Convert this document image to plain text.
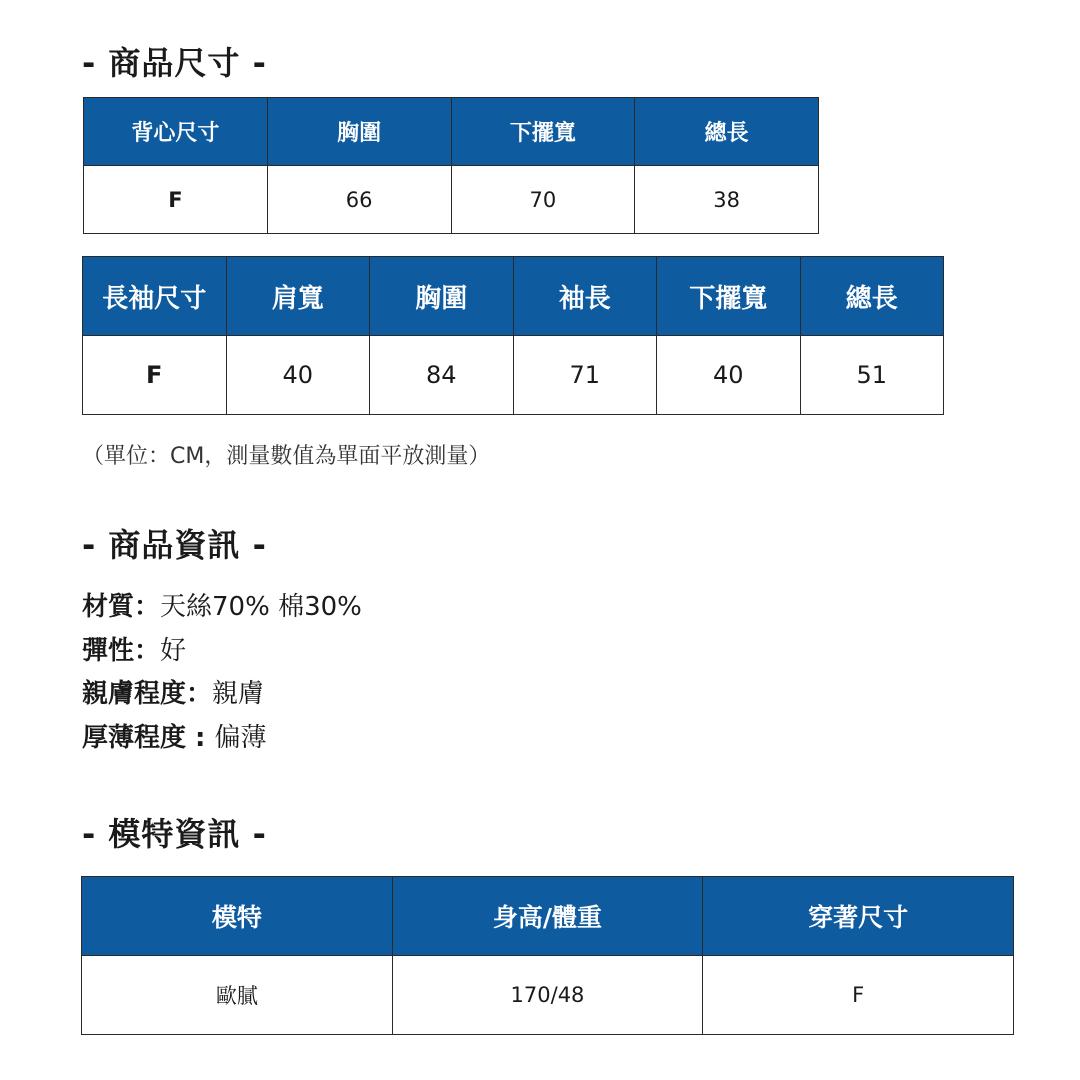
- 商品尺寸 -
背心尺寸	胸圍	下擺寬	總長
F	66	70	38
長袖尺寸	肩寬	胸圍	袖長	下擺寬	總長
F	40	84	71	40	51

（單位：CM，測量數值為單面平放測量）

- 商品資訊 -
材質：天絲70% 棉30%
彈性：好
親膚程度：親膚
厚薄程度 : 偏薄
- 模特資訊 -
模特	身高/體重	穿著尺寸
歐膩	170/48	F
